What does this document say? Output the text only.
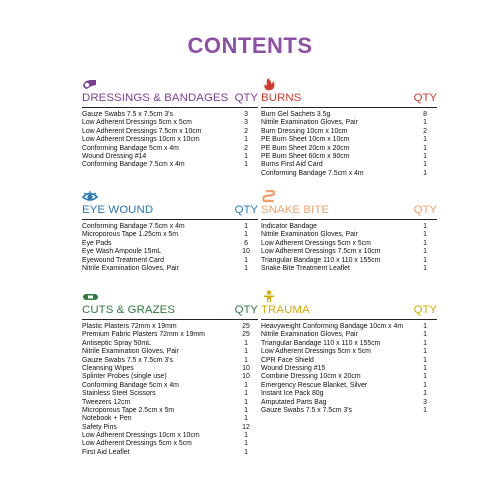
CONTENTS
DRESSINGS & BANDAGES QTY
Gauze Swabs 7.5 x 7.5cm 3's	3
Low Adherent Dressings 5cm x 5cm	3
Low Adherent Dressings 7.5cm x 10cm	2
Low Adherent Dressings 10cm x 10cm	1
Conforming Bandage 5cm x 4m	2
Wound Dressing #14	1
Conforming Bandage 7.5cm x 4m	1
BURNS	QTY
Burn Gel Sachets 3.5g	8
Nitrile Examination Gloves, Pair	1
Burn Dressing 10cm x 10cm	2
PE Burn Sheet 10cm x 10cm	1
PE Burn Sheet 20cm x 20cm	1
PE Burn Sheet 60cm x 90cm	1
Burns First Aid Card	1
Conforming Bandage 7.5cm x 4m	1
EYE WOUND	QTY
Conforming Bandage 7.5cm x 4m	1
Microporous Tape 1.25cm x 5m	1
Eye Pads	6
Eye Wash Ampoule 15mL	10
Eyewound Treatment Card	1
Nitrile Examination Gloves, Pair	1
SNAKE BITE	QTY
Indicator Bandage	1
Nitrile Examination Gloves, Pair	1
Low Adherent Dressings 5cm x 5cm	1
Low Adherent Dressings 7.5cm x 10cm	1
Triangular Bandage 110 x 110 x 155cm	1
Snake Bite Treatment Leaflet	1
CUTS & GRAZES	QTY
Plastic Plasters 72mm x 19mm	25
Premium Fabric Plasters 72mm x 19mm	25
Antiseptic Spray 50mL	1
Nitrile Examination Gloves, Pair	1
Gauze Swabs 7.5 x 7.5cm 3's	1
Cleansing Wipes	10
Splinter Probes (single use)	10
Conforming Bandage 5cm x 4m	1
Stainless Steel Scissors	1
Tweezers 12cm	1
Microporous Tape 2.5cm x 5m	1
Notebook + Pen	1
Safety Pins	12
Low Adherent Dressings 10cm x 10cm	1
Low Adherent Dressings 5cm x 5cm	1
First Aid Leaflet	1
TRAUMA	QTY
Heavyweight Conforming Bandage 10cm x 4m	1
Nitrile Examination Gloves, Pair	1
Triangular Bandage 110 x 110 x 155cm	1
Low Adherent Dressings 5cm x 5cm	1
CPR Face Shield	1
Wound Dressing #15	1
Combine Dressing 10cm x 20cm	1
Emergency Rescue Blanket, Silver	1
Instant Ice Pack 80g	1
Amputated Parts Bag	3
Gauze Swabs 7.5 x 7.5cm 3's	1
